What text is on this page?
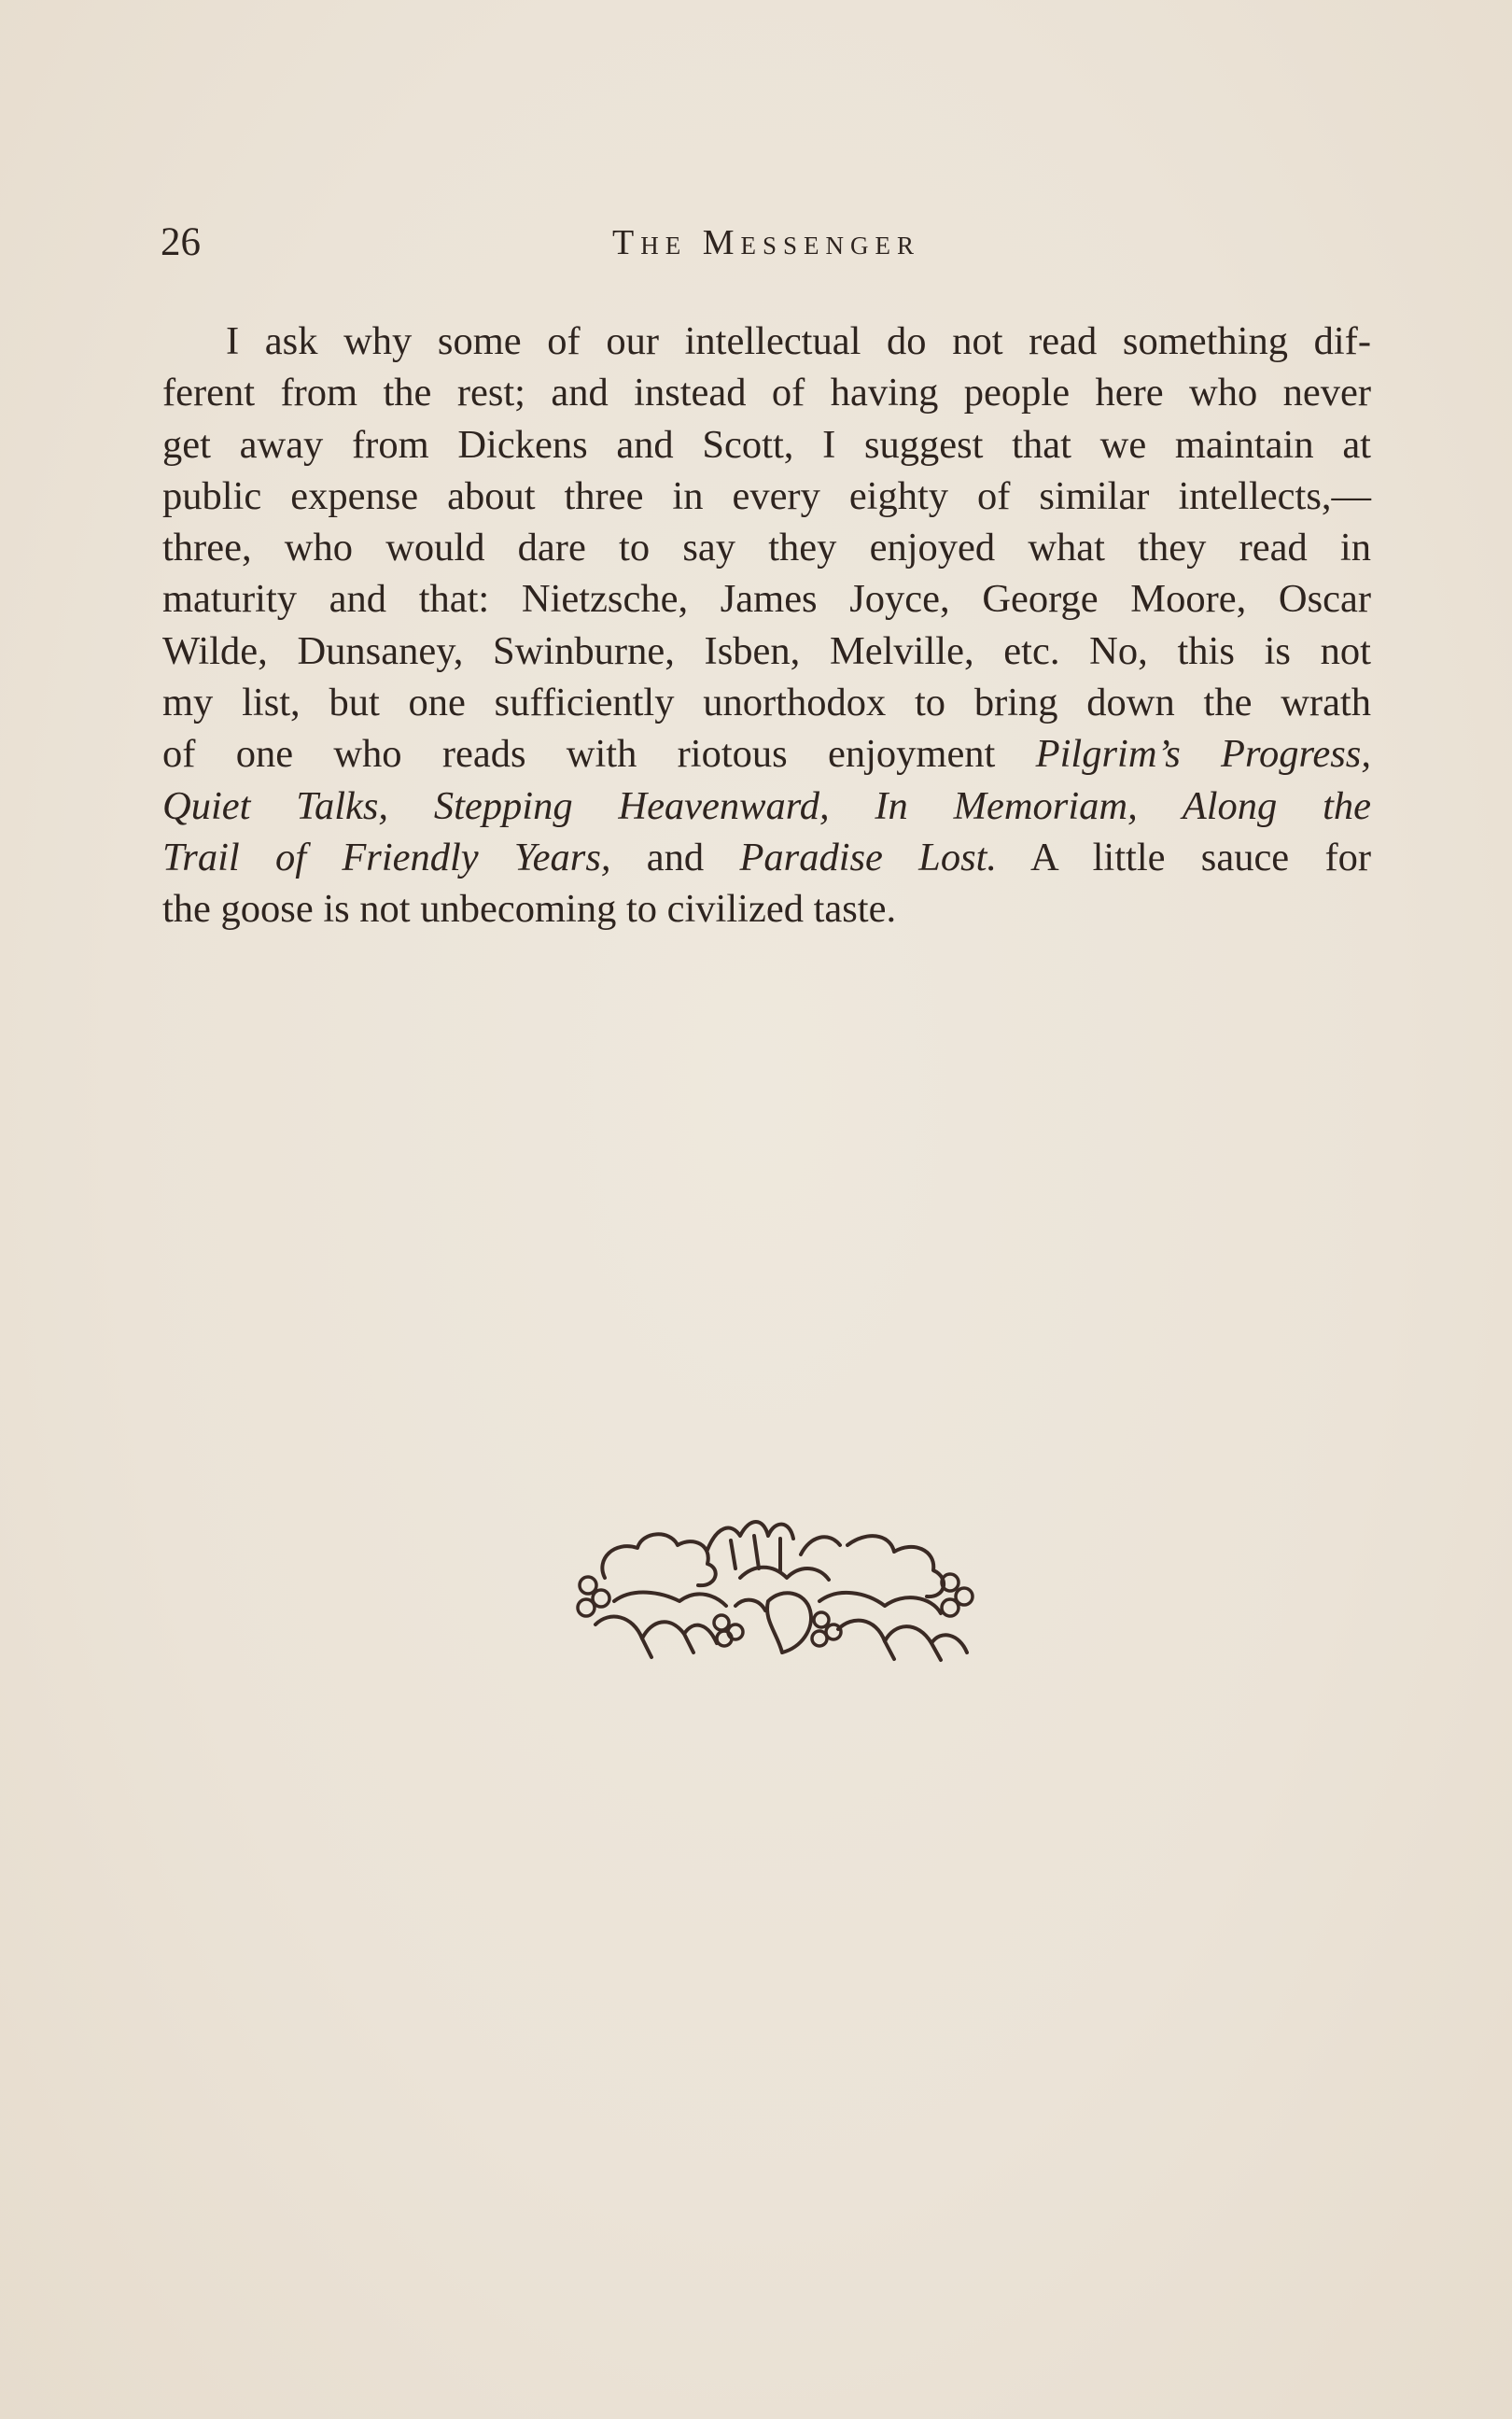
26	The Messenger
I ask why some of our intellectual do not read something dif-
ferent from the rest; and instead of having people here who never
get away from Dickens and Scott, I suggest that we maintain at
public expense about three in every eighty of similar intellects,—
three, who would dare to say they enjoyed what they read in
maturity and that: Nietzsche, James Joyce, George Moore, Oscar
Wilde, Dunsaney, Swinburne, Isben, Melville, etc. No, this is not
my list, but one sufficiently unorthodox to bring down the wrath
of one who reads with riotous enjoyment Pilgrim’s Progress,
Quiet Talks, Stepping Heavenward, In Memoriam, Along the
Trail of Friendly Years, and Paradise Lost. A little sauce for
the goose is not unbecoming to civilized taste.
